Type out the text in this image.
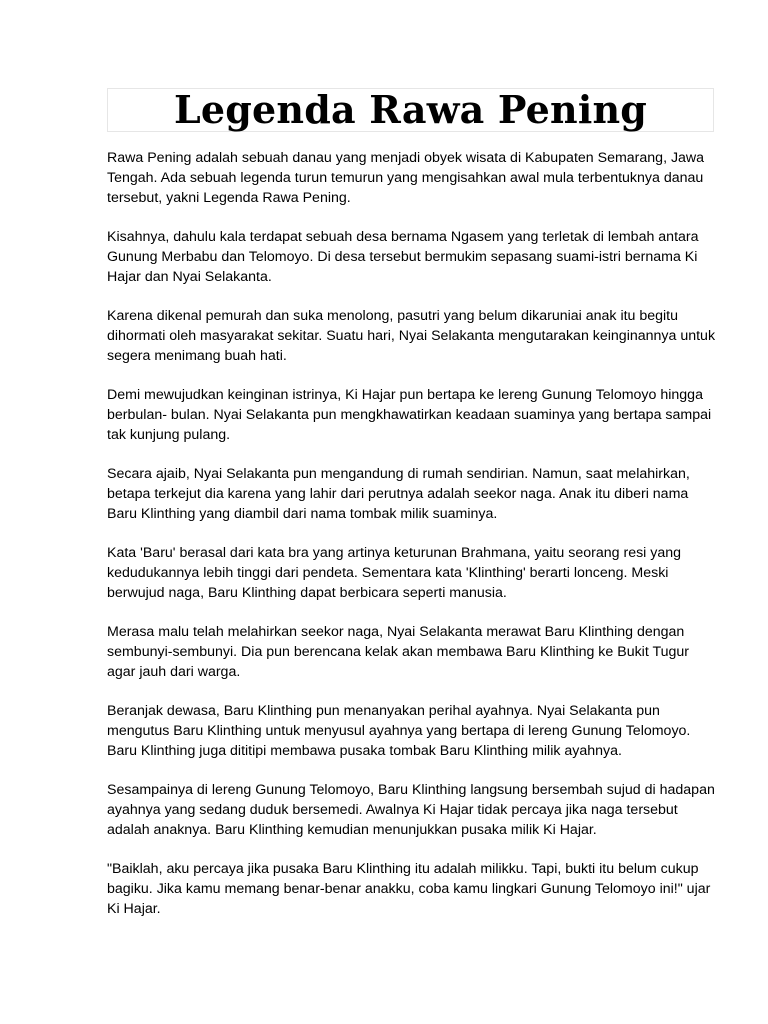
Legenda Rawa Pening

Rawa Pening adalah sebuah danau yang menjadi obyek wisata di Kabupaten Semarang, Jawa Tengah. Ada sebuah legenda turun temurun yang mengisahkan awal mula terbentuknya danau tersebut, yakni Legenda Rawa Pening.

Kisahnya, dahulu kala terdapat sebuah desa bernama Ngasem yang terletak di lembah antara Gunung Merbabu dan Telomoyo. Di desa tersebut bermukim sepasang suami-istri bernama Ki Hajar dan Nyai Selakanta.

Karena dikenal pemurah dan suka menolong, pasutri yang belum dikaruniai anak itu begitu dihormati oleh masyarakat sekitar. Suatu hari, Nyai Selakanta mengutarakan keinginannya untuk segera menimang buah hati.

Demi mewujudkan keinginan istrinya, Ki Hajar pun bertapa ke lereng Gunung Telomoyo hingga berbulan- bulan. Nyai Selakanta pun mengkhawatirkan keadaan suaminya yang bertapa sampai tak kunjung pulang.

Secara ajaib, Nyai Selakanta pun mengandung di rumah sendirian. Namun, saat melahirkan, betapa terkejut dia karena yang lahir dari perutnya adalah seekor naga. Anak itu diberi nama Baru Klinthing yang diambil dari nama tombak milik suaminya.

Kata 'Baru' berasal dari kata bra yang artinya keturunan Brahmana, yaitu seorang resi yang kedudukannya lebih tinggi dari pendeta. Sementara kata 'Klinthing' berarti lonceng. Meski berwujud naga, Baru Klinthing dapat berbicara seperti manusia.

Merasa malu telah melahirkan seekor naga, Nyai Selakanta merawat Baru Klinthing dengan sembunyi-sembunyi. Dia pun berencana kelak akan membawa Baru Klinthing ke Bukit Tugur agar jauh dari warga.

Beranjak dewasa, Baru Klinthing pun menanyakan perihal ayahnya. Nyai Selakanta pun mengutus Baru Klinthing untuk menyusul ayahnya yang bertapa di lereng Gunung Telomoyo. Baru Klinthing juga dititipi membawa pusaka tombak Baru Klinthing milik ayahnya.

Sesampainya di lereng Gunung Telomoyo, Baru Klinthing langsung bersembah sujud di hadapan ayahnya yang sedang duduk bersemedi. Awalnya Ki Hajar tidak percaya jika naga tersebut adalah anaknya. Baru Klinthing kemudian menunjukkan pusaka milik Ki Hajar.

"Baiklah, aku percaya jika pusaka Baru Klinthing itu adalah milikku. Tapi, bukti itu belum cukup bagiku. Jika kamu memang benar-benar anakku, coba kamu lingkari Gunung Telomoyo ini!" ujar Ki Hajar.
